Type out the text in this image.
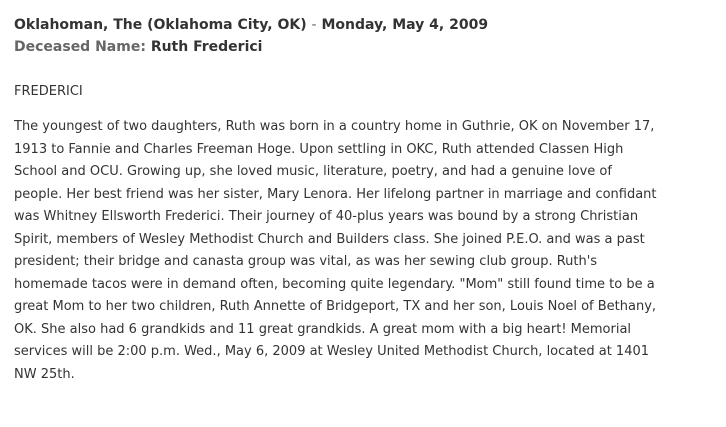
Oklahoman, The (Oklahoma City, OK) - Monday, May 4, 2009
Deceased Name: Ruth Frederici
FREDERICI
The youngest of two daughters, Ruth was born in a country home in Guthrie, OK on November 17,
1913 to Fannie and Charles Freeman Hoge. Upon settling in OKC, Ruth attended Classen High
School and OCU. Growing up, she loved music, literature, poetry, and had a genuine love of
people. Her best friend was her sister, Mary Lenora. Her lifelong partner in marriage and confidant
was Whitney Ellsworth Frederici. Their journey of 40-plus years was bound by a strong Christian
Spirit, members of Wesley Methodist Church and Builders class. She joined P.E.O. and was a past
president; their bridge and canasta group was vital, as was her sewing club group. Ruth's
homemade tacos were in demand often, becoming quite legendary. "Mom" still found time to be a
great Mom to her two children, Ruth Annette of Bridgeport, TX and her son, Louis Noel of Bethany,
OK. She also had 6 grandkids and 11 great grandkids. A great mom with a big heart! Memorial
services will be 2:00 p.m. Wed., May 6, 2009 at Wesley United Methodist Church, located at 1401
NW 25th.
